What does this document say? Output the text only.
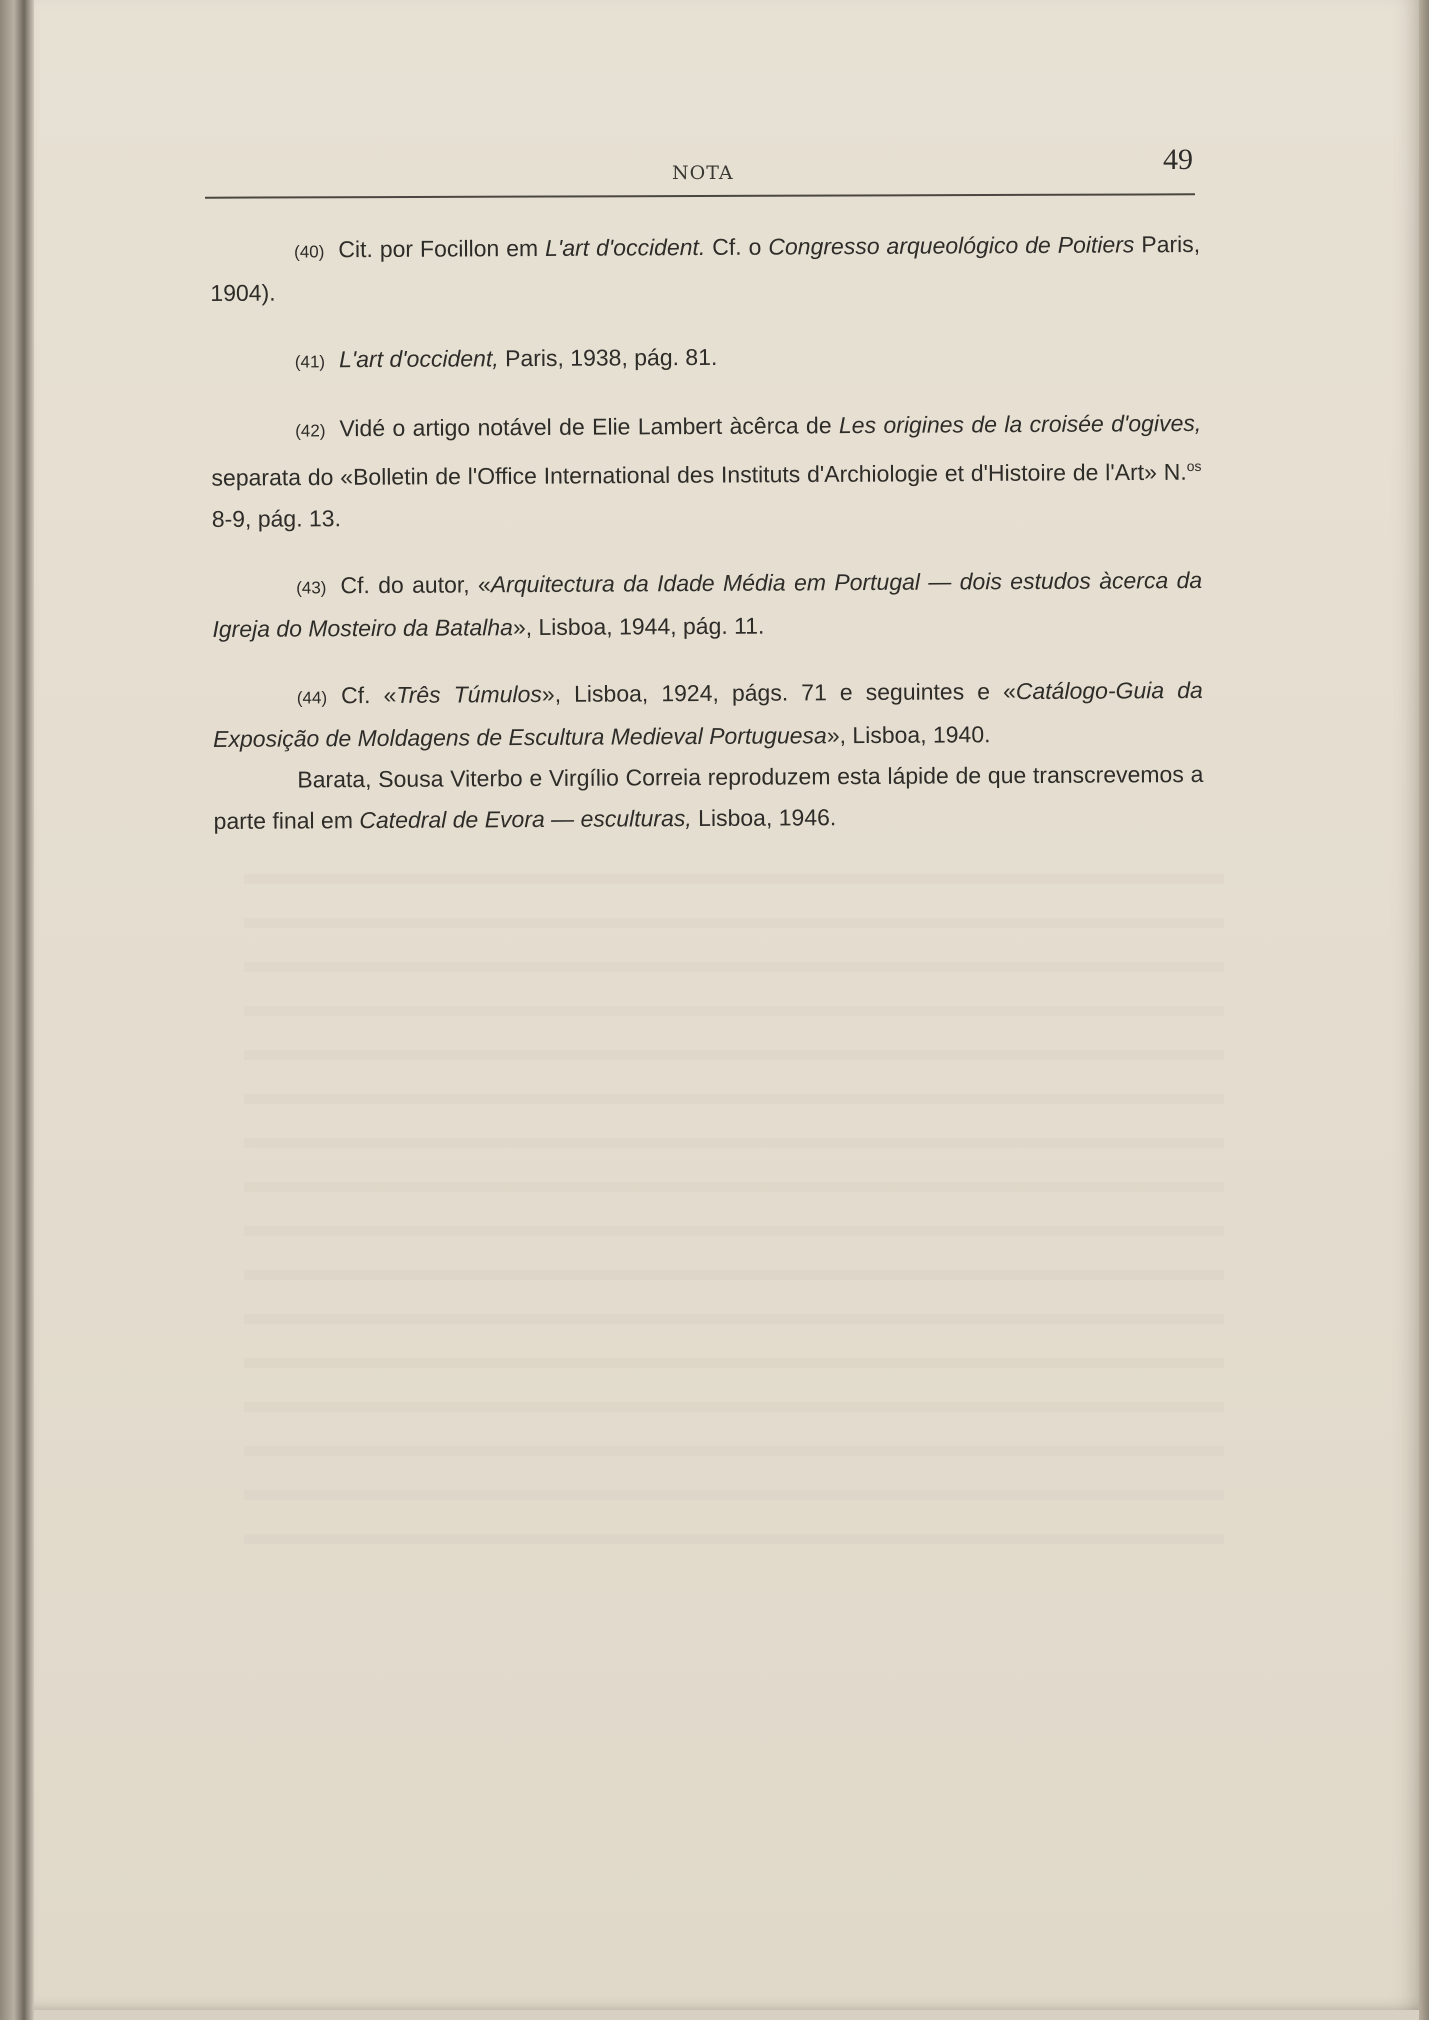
NOTA	49

(40) Cit. por Focillon em L'art d'occident. Cf. o Congresso arqueológico de Poitiers Paris, 1904).

(41) L'art d'occident, Paris, 1938, pág. 81.

(42) Vidé o artigo notável de Elie Lambert àcêrca de Les origines de la croisée d'ogives, separata do «Bolletin de l'Office International des Instituts d'Archiologie et d'Histoire de l'Art» N.$^{os}$ 8-9, pág. 13.

(43) Cf. do autor, «Arquitectura da Idade Média em Portugal — dois estudos àcerca da Igreja do Mosteiro da Batalha», Lisboa, 1944, pág. 11.

(44) Cf. «Três Túmulos», Lisboa, 1924, págs. 71 e seguintes e «Catálogo-Guia da Exposição de Moldagens de Escultura Medieval Portuguesa», Lisboa, 1940.

Barata, Sousa Viterbo e Virgílio Correia reproduzem esta lápide de que transcrevemos a parte final em Catedral de Evora — esculturas, Lisboa, 1946.
